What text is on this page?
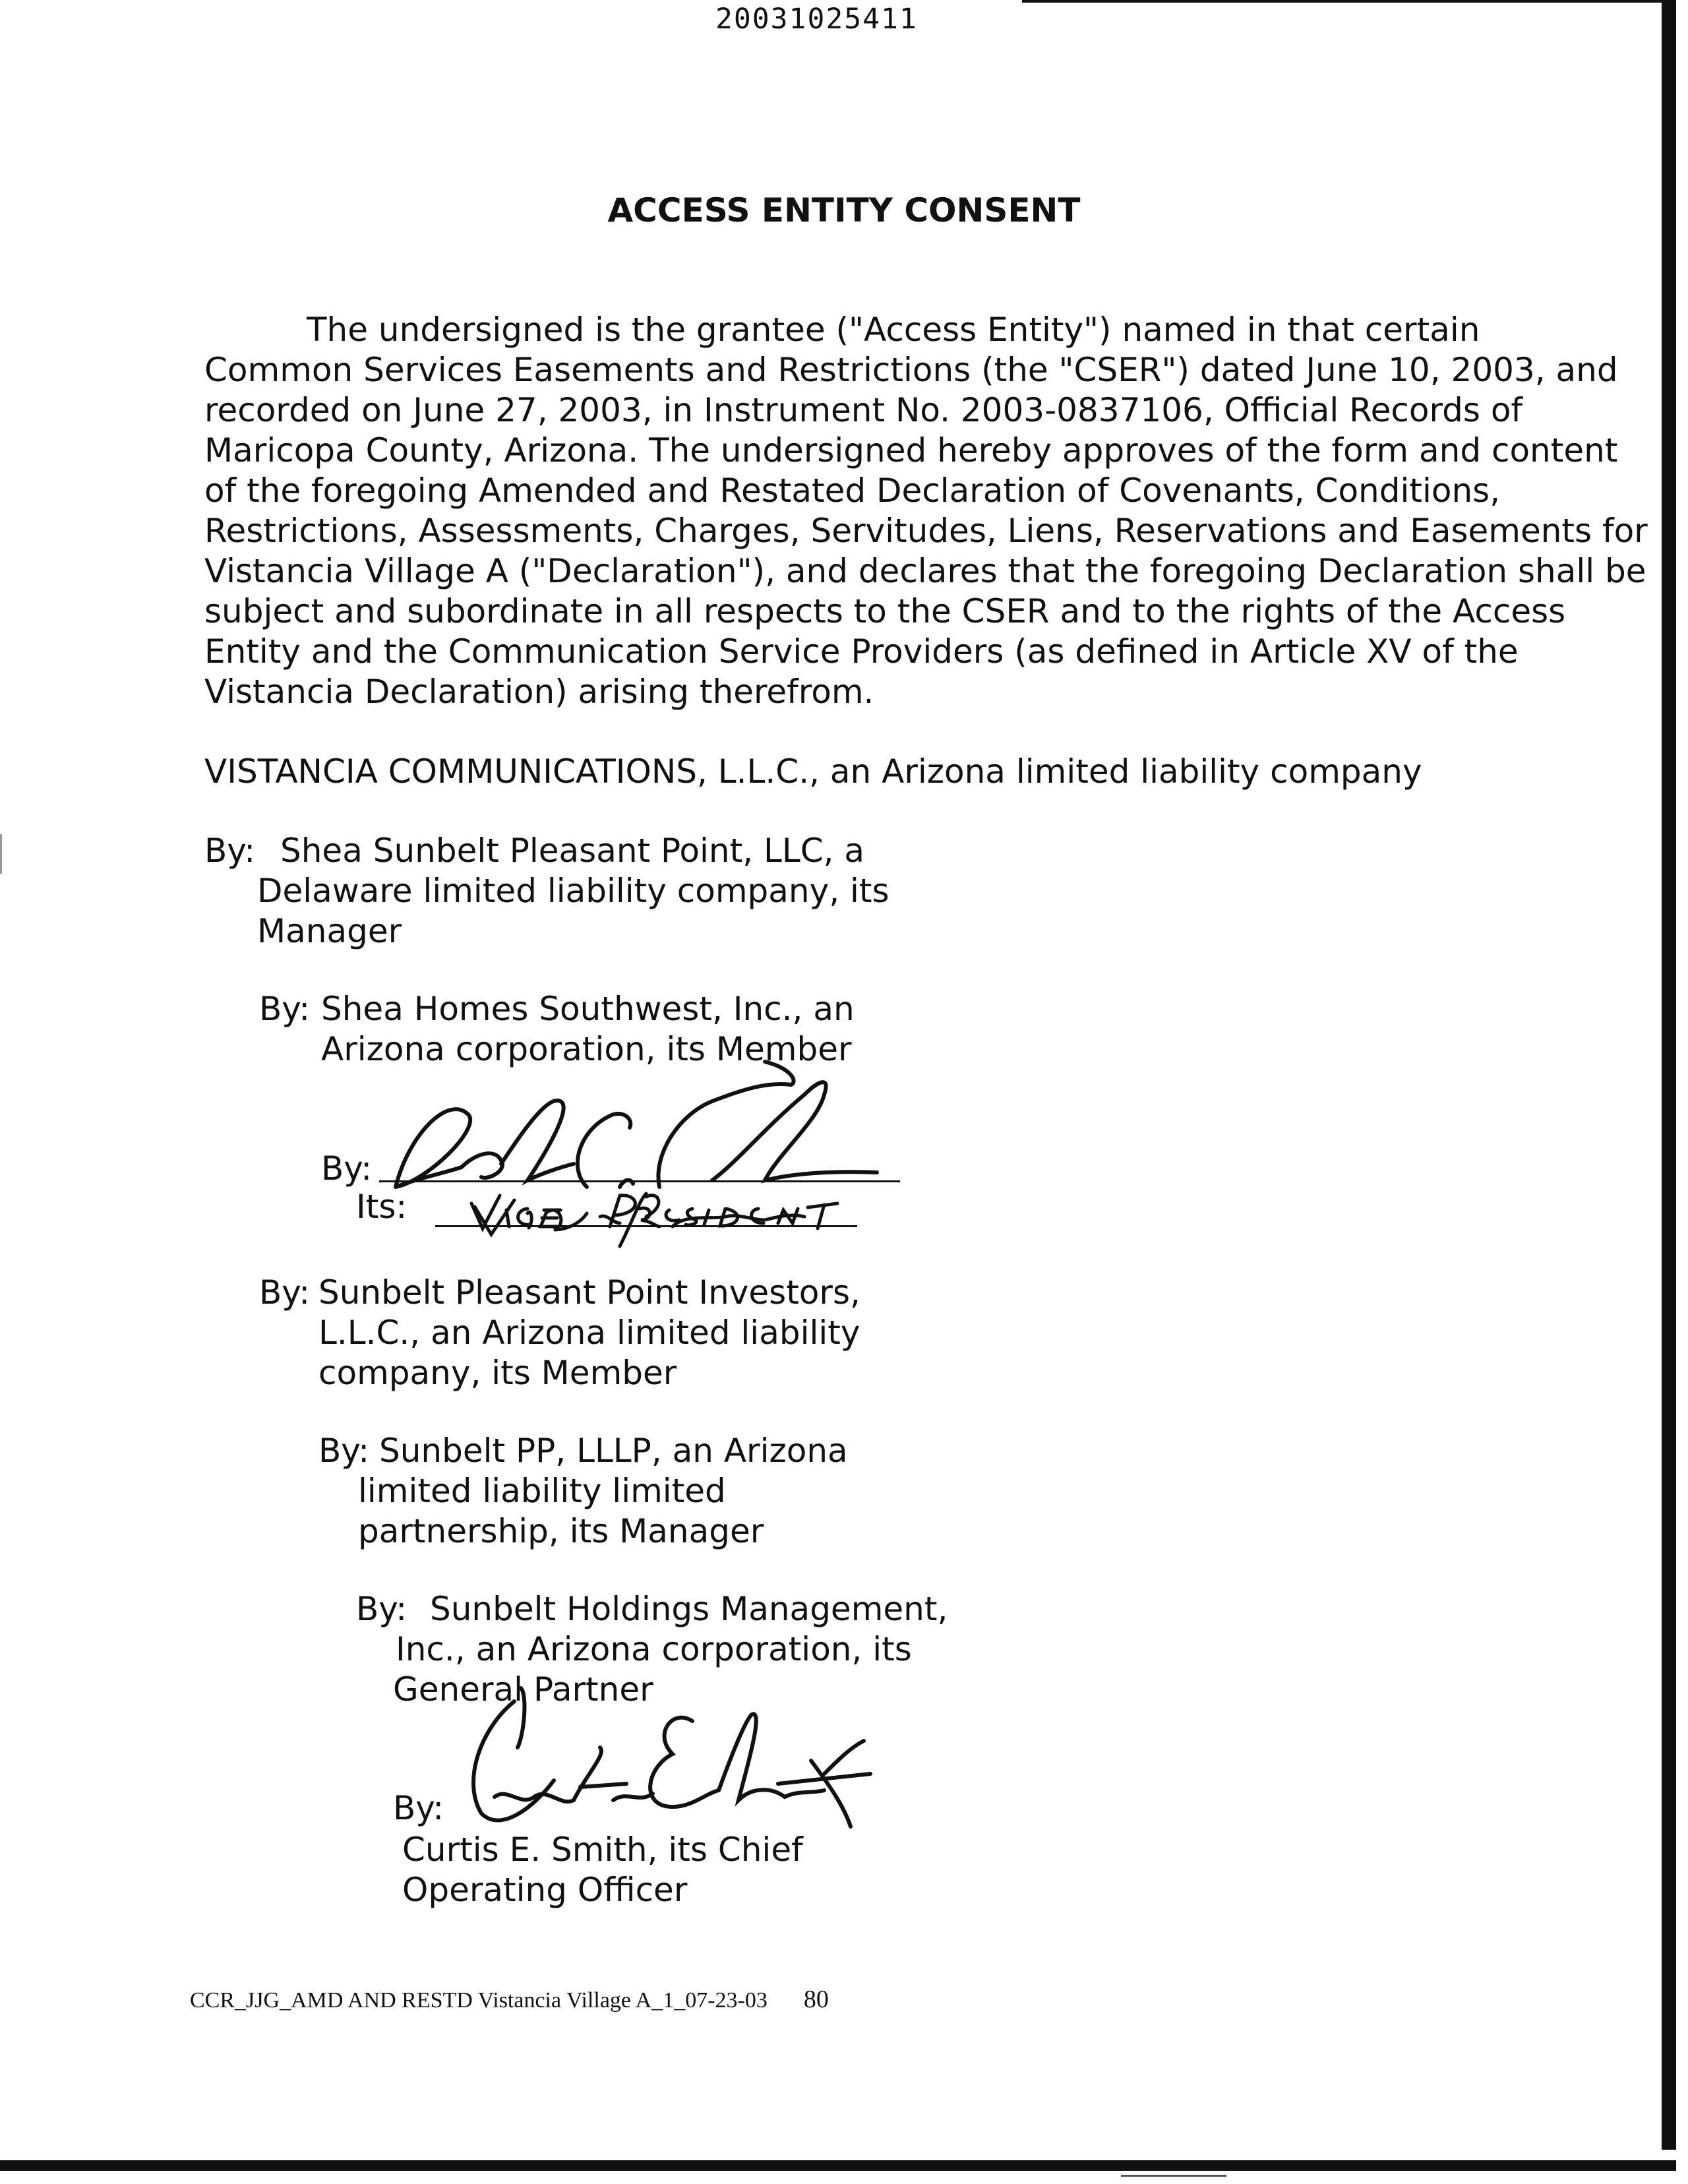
20031025411
ACCESS ENTITY CONSENT
The undersigned is the grantee ("Access Entity") named in that certain
Common Services Easements and Restrictions (the "CSER") dated June 10, 2003, and
recorded on June 27, 2003, in Instrument No. 2003-0837106, Official Records of
Maricopa County, Arizona. The undersigned hereby approves of the form and content
of the foregoing Amended and Restated Declaration of Covenants, Conditions,
Restrictions, Assessments, Charges, Servitudes, Liens, Reservations and Easements for
Vistancia Village A ("Declaration"), and declares that the foregoing Declaration shall be
subject and subordinate in all respects to the CSER and to the rights of the Access
Entity and the Communication Service Providers (as defined in Article XV of the
Vistancia Declaration) arising therefrom.
VISTANCIA COMMUNICATIONS, L.L.C., an Arizona limited liability company
By: Shea Sunbelt Pleasant Point, LLC, a
Delaware limited liability company, its
Manager
By: Shea Homes Southwest, Inc., an
Arizona corporation, its Member
By:
Its:
By: Sunbelt Pleasant Point Investors,
L.L.C., an Arizona limited liability
company, its Member
By: Sunbelt PP, LLLP, an Arizona
limited liability limited
partnership, its Manager
By: Sunbelt Holdings Management,
Inc., an Arizona corporation, its
General Partner
By:
Curtis E. Smith, its Chief
Operating Officer
CCR_JJG_AMD AND RESTD Vistancia Village A_1_07-23-03 80
